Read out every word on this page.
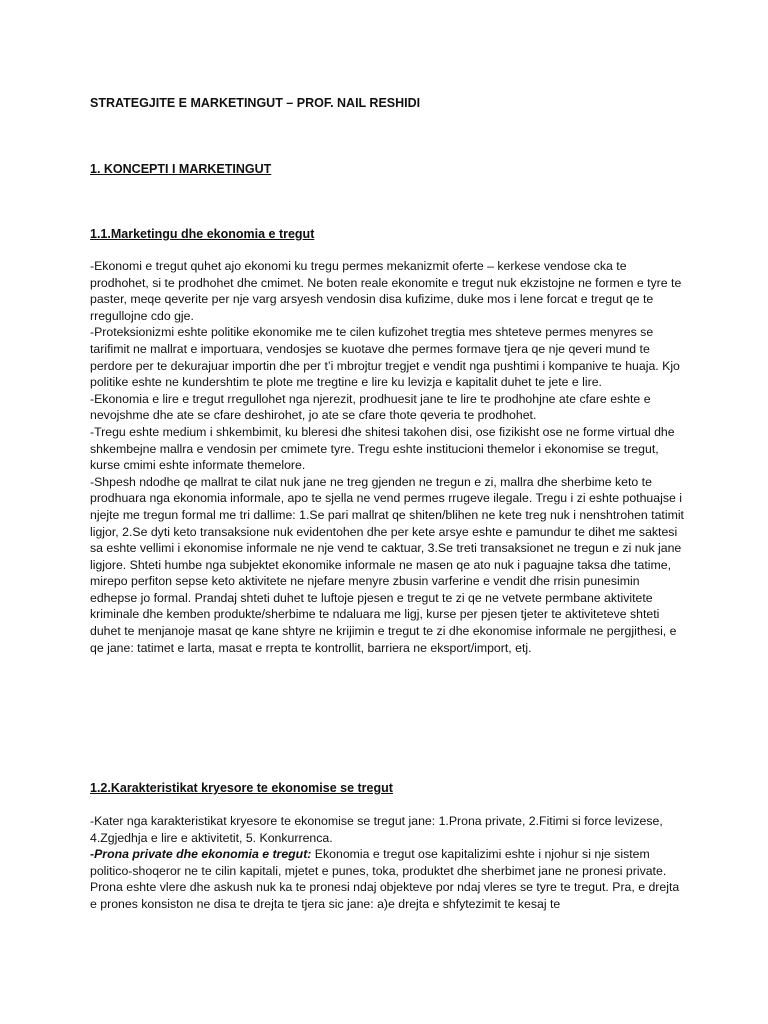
STRATEGJITE E MARKETINGUT – PROF. NAIL RESHIDI
1. KONCEPTI I MARKETINGUT
1.1.Marketingu dhe ekonomia e tregut

-Ekonomi e tregut quhet ajo ekonomi ku tregu permes mekanizmit oferte – kerkese vendose cka te prodhohet, si te prodhohet dhe cmimet. Ne boten reale ekonomite e tregut nuk ekzistojne ne formen e tyre te paster, meqe qeverite per nje varg arsyesh vendosin disa kufizime, duke mos i lene forcat e tregut qe te rregullojne cdo gje.

-Proteksionizmi eshte politike ekonomike me te cilen kufizohet tregtia mes shteteve permes menyres se tarifimit ne mallrat e importuara, vendosjes se kuotave dhe permes formave tjera qe nje qeveri mund te perdore per te dekurajuar importin dhe per t’i mbrojtur tregjet e vendit nga pushtimi i kompanive te huaja. Kjo politike eshte ne kundershtim te plote me tregtine e lire ku levizja e kapitalit duhet te jete e lire.

-Ekonomia e lire e tregut rregullohet nga njerezit, prodhuesit jane te lire te prodhohjne ate cfare eshte e nevojshme dhe ate se cfare deshirohet, jo ate se cfare thote qeveria te prodhohet.

-Tregu eshte medium i shkembimit, ku bleresi dhe shitesi takohen disi, ose fizikisht ose ne forme virtual dhe shkembejne mallra e vendosin per cmimete tyre. Tregu eshte institucioni themelor i ekonomise se tregut, kurse cmimi eshte informate themelore.

-Shpesh ndodhe qe mallrat te cilat nuk jane ne treg gjenden ne tregun e zi, mallra dhe sherbime keto te prodhuara nga ekonomia informale, apo te sjella ne vend permes rrugeve ilegale. Tregu i zi eshte pothuajse i njejte me tregun formal me tri dallime: 1.Se pari mallrat qe shiten/blihen ne kete treg nuk i nenshtrohen tatimit ligjor, 2.Se dyti keto transaksione nuk evidentohen dhe per kete arsye eshte e pamundur te dihet me saktesi sa eshte vellimi i ekonomise informale ne nje vend te caktuar, 3.Se treti transaksionet ne tregun e zi nuk jane ligjore. Shteti humbe nga subjektet ekonomike informale ne masen qe ato nuk i paguajne taksa dhe tatime, mirepo perfiton sepse keto aktivitete ne njefare menyre zbusin varferine e vendit dhe rrisin punesimin edhepse jo formal. Prandaj shteti duhet te luftoje pjesen e tregut te zi qe ne vetvete permbane aktivitete kriminale dhe kemben produkte/sherbime te ndaluara me ligj, kurse per pjesen tjeter te aktiviteteve shteti duhet te menjanoje masat qe kane shtyre ne krijimin e tregut te zi dhe ekonomise informale ne pergjithesi, e qe jane: tatimet e larta, masat e rrepta te kontrollit, barriera ne eksport/import, etj.

1.2.Karakteristikat kryesore te ekonomise se tregut

-Kater nga karakteristikat kryesore te ekonomise se tregut jane: 1.Prona private, 2.Fitimi si force levizese, 4.Zgjedhja e lire e aktivitetit, 5. Konkurrenca.

-Prona private dhe ekonomia e tregut: Ekonomia e tregut ose kapitalizimi eshte i njohur si nje sistem politico-shoqeror ne te cilin kapitali, mjetet e punes, toka, produktet dhe sherbimet jane ne pronesi private. Prona eshte vlere dhe askush nuk ka te pronesi ndaj objekteve por ndaj vleres se tyre te tregut. Pra, e drejta e prones konsiston ne disa te drejta te tjera sic jane: a)e drejta e shfytezimit te kesaj te
